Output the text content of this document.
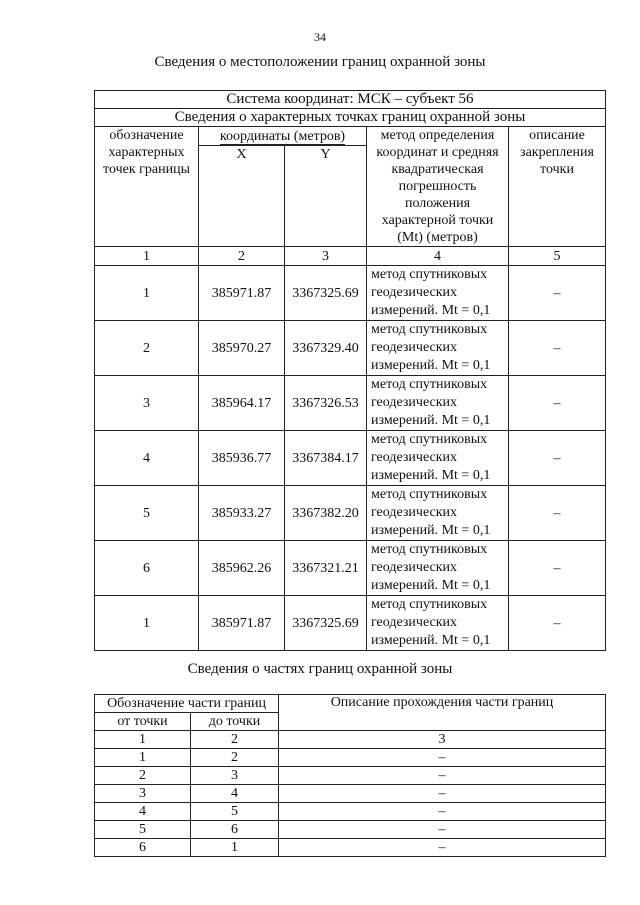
34
Сведения о местоположении границ охранной зоны
Система координат: МСК – субъект 56				
Сведения о характерных точках границ охранной зоны				
обозначение характерных точек границы	координаты (метров)		метод определения координат и средняя квадратическая погрешность положения характерной точки (Mt) (метров)	описание закрепления точки
	X	Y		
1	2	3	4	5
1	385971.87	3367325.69	метод спутниковых геодезических измерений. Mt = 0,1	–
2	385970.27	3367329.40	метод спутниковых геодезических измерений. Mt = 0,1	–
3	385964.17	3367326.53	метод спутниковых геодезических измерений. Mt = 0,1	–
4	385936.77	3367384.17	метод спутниковых геодезических измерений. Mt = 0,1	–
5	385933.27	3367382.20	метод спутниковых геодезических измерений. Mt = 0,1	–
6	385962.26	3367321.21	метод спутниковых геодезических измерений. Mt = 0,1	–
1	385971.87	3367325.69	метод спутниковых геодезических измерений. Mt = 0,1	–
Сведения о частях границ охранной зоны
Обозначение части границ		Описание прохождения части границ
от точки	до точки	
1	2	3
1	2	–
2	3	–
3	4	–
4	5	–
5	6	–
6	1	–
